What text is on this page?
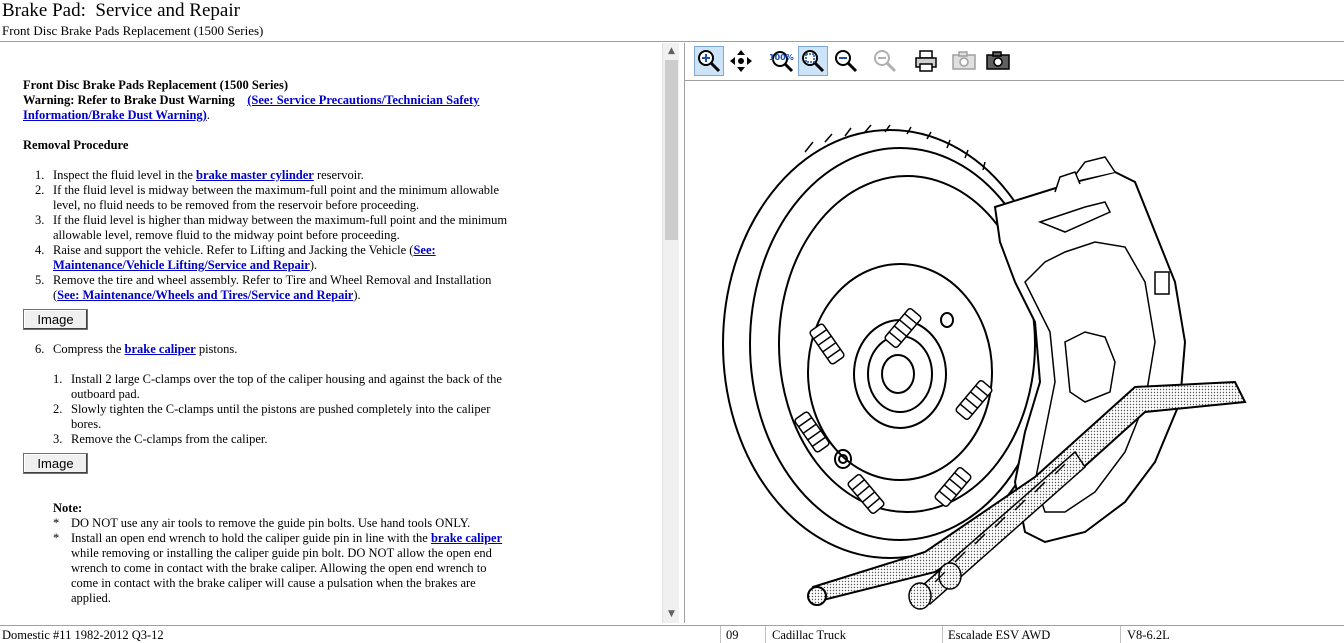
Brake Pad:  Service and Repair
Front Disc Brake Pads Replacement (1500 Series)
Front Disc Brake Pads Replacement (1500 Series)
Warning: Refer to Brake Dust Warning (See: Service Precautions/Technician Safety Information/Brake Dust Warning).
Removal Procedure
1. Inspect the fluid level in the brake master cylinder reservoir.
2. If the fluid level is midway between the maximum-full point and the minimum allowable level, no fluid needs to be removed from the reservoir before proceeding.
3. If the fluid level is higher than midway between the maximum-full point and the minimum allowable level, remove fluid to the midway point before proceeding.
4. Raise and support the vehicle. Refer to Lifting and Jacking the Vehicle (See: Maintenance/Vehicle Lifting/Service and Repair).
5. Remove the tire and wheel assembly. Refer to Tire and Wheel Removal and Installation (See: Maintenance/Wheels and Tires/Service and Repair).
Image
6. Compress the brake caliper pistons.
1. Install 2 large C-clamps over the top of the caliper housing and against the back of the outboard pad.
2. Slowly tighten the C-clamps until the pistons are pushed completely into the caliper bores.
3. Remove the C-clamps from the caliper.
Image
Note:
* DO NOT use any air tools to remove the guide pin bolts. Use hand tools ONLY.
* Install an open end wrench to hold the caliper guide pin in line with the brake caliper while removing or installing the caliper guide pin bolt. DO NOT allow the open end wrench to come in contact with the brake caliper. Allowing the open end wrench to come in contact with the brake caliper will cause a pulsation when the brakes are applied.
▲
▼
100%
Domestic #11 1982-2012 Q3-12	09	Cadillac Truck	Escalade ESV AWD	V8-6.2L
